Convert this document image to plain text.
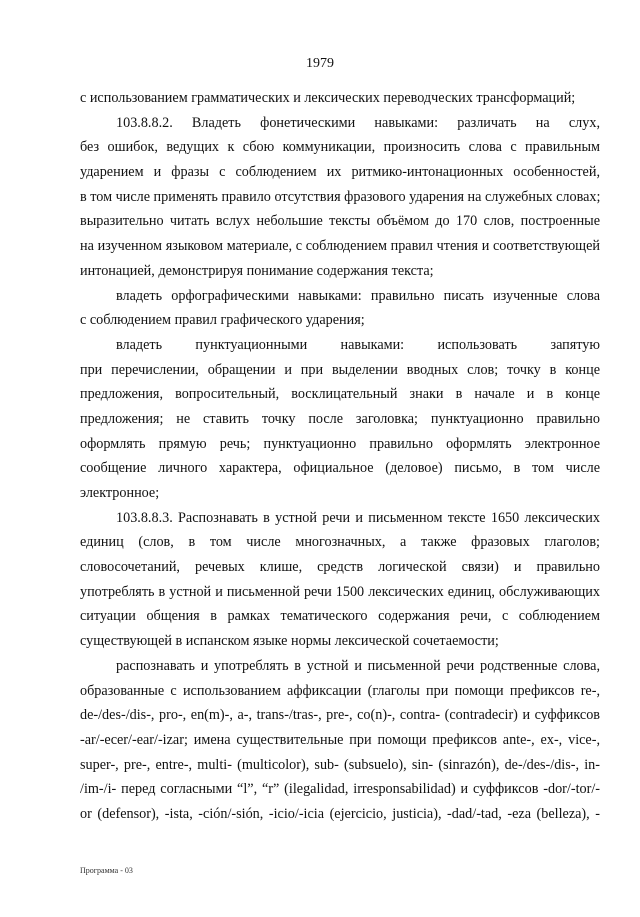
1979
с использованием грамматических и лексических переводческих трансформаций;
103.8.8.2. Владеть фонетическими навыками: различать на слух,
без ошибок, ведущих к сбою коммуникации, произносить слова с правильным
ударением и фразы с соблюдением их ритмико-интонационных особенностей,
в том числе применять правило отсутствия фразового ударения на служебных словах;
выразительно читать вслух небольшие тексты объёмом до 170 слов, построенные
на изученном языковом материале, с соблюдением правил чтения и соответствующей
интонацией, демонстрируя понимание содержания текста;
владеть орфографическими навыками: правильно писать изученные слова
с соблюдением правил графического ударения;
владеть пунктуационными навыками: использовать запятую
при перечислении, обращении и при выделении вводных слов; точку в конце
предложения, вопросительный, восклицательный знаки в начале и в конце
предложения; не ставить точку после заголовка; пунктуационно правильно
оформлять прямую речь; пунктуационно правильно оформлять электронное
сообщение личного характера, официальное (деловое) письмо, в том числе
электронное;
103.8.8.3. Распознавать в устной речи и письменном тексте 1650 лексических
единиц (слов, в том числе многозначных, а также фразовых глаголов;
словосочетаний, речевых клише, средств логической связи) и правильно
употреблять в устной и письменной речи 1500 лексических единиц, обслуживающих
ситуации общения в рамках тематического содержания речи, с соблюдением
существующей в испанском языке нормы лексической сочетаемости;
распознавать и употреблять в устной и письменной речи родственные слова,
образованные с использованием аффиксации (глаголы при помощи префиксов re-,
de-/des-/dis-, pro-, en(m)-, a-, trans-/tras-, pre-, co(n)-, contra- (contradecir) и суффиксов
-ar/-ecer/-ear/-izar; имена существительные при помощи префиксов ante-, ex-, vice-,
super-, pre-, entre-, multi- (multicolor), sub- (subsuelo), sin- (sinrazón), de-/des-/dis-, in-
/im-/i- перед согласными “l”, “r” (ilegalidad, irresponsabilidad) и суффиксов -dor/-tor/-
or (defensor), -ista, -ción/-sión, -icio/-icia (ejercicio, justicia), -dad/-tad, -eza (belleza), -
Программа - 03
